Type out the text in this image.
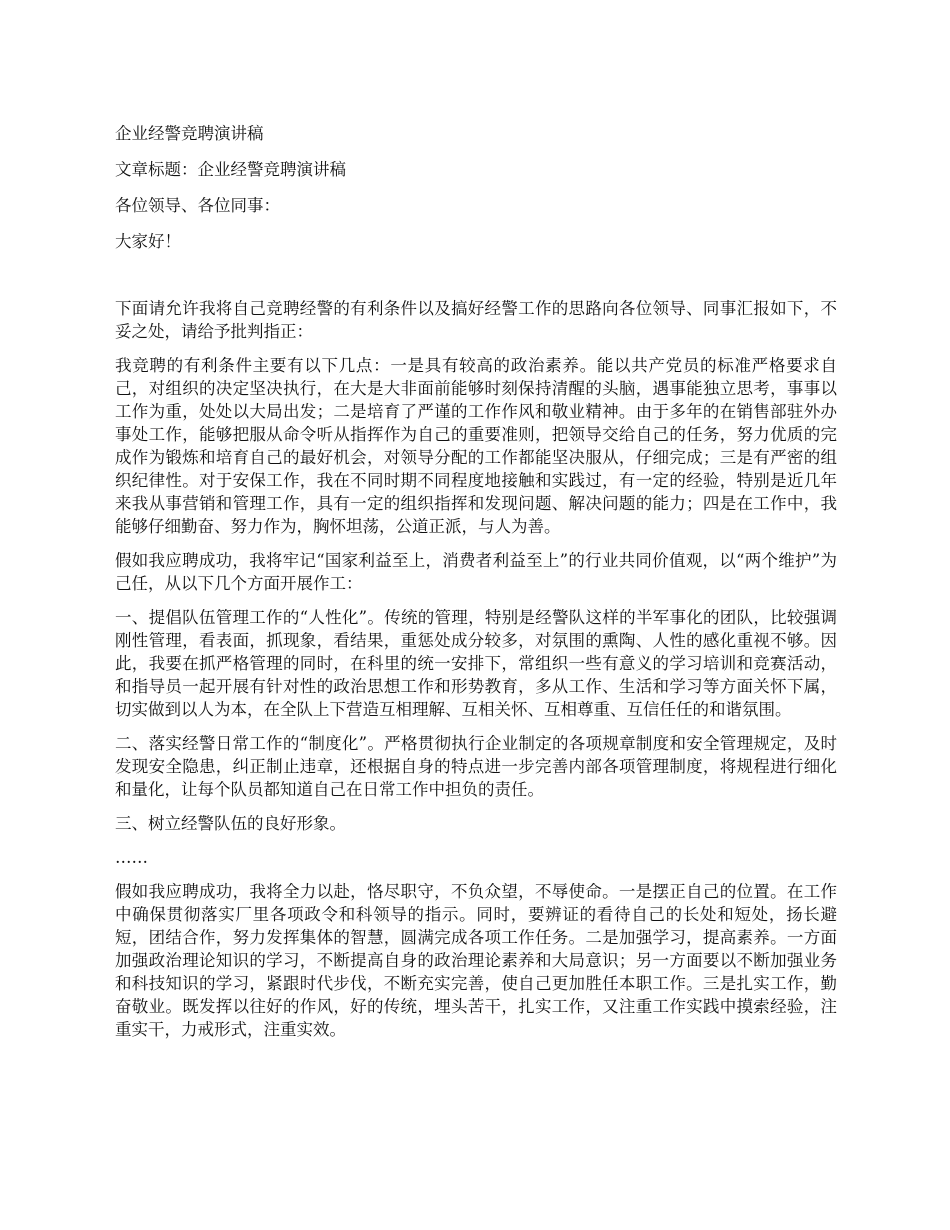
企业经警竞聘演讲稿

文章标题：企业经警竞聘演讲稿

各位领导、各位同事：

大家好！

下面请允许我将自己竞聘经警的有利条件以及搞好经警工作的思路向各位领导、同事汇报如下，不妥之处，请给予批判指正：

我竞聘的有利条件主要有以下几点：一是具有较高的政治素养。能以共产党员的标准严格要求自己，对组织的决定坚决执行，在大是大非面前能够时刻保持清醒的头脑，遇事能独立思考，事事以工作为重，处处以大局出发；二是培育了严谨的工作作风和敬业精神。由于多年的在销售部驻外办事处工作，能够把服从命令听从指挥作为自己的重要准则，把领导交给自己的任务，努力优质的完成作为锻炼和培育自己的最好机会，对领导分配的工作都能坚决服从，仔细完成；三是有严密的组织纪律性。对于安保工作，我在不同时期不同程度地接触和实践过，有一定的经验，特别是近几年来我从事营销和管理工作，具有一定的组织指挥和发现问题、解决问题的能力；四是在工作中，我能够仔细勤奋、努力作为，胸怀坦荡，公道正派，与人为善。

假如我应聘成功，我将牢记“国家利益至上，消费者利益至上”的行业共同价值观，以“两个维护”为己任，从以下几个方面开展作工：

一、提倡队伍管理工作的“人性化”。传统的管理，特别是经警队这样的半军事化的团队，比较强调刚性管理，看表面，抓现象，看结果，重惩处成分较多，对氛围的熏陶、人性的感化重视不够。因此，我要在抓严格管理的同时，在科里的统一安排下，常组织一些有意义的学习培训和竞赛活动，和指导员一起开展有针对性的政治思想工作和形势教育，多从工作、生活和学习等方面关怀下属，切实做到以人为本，在全队上下营造互相理解、互相关怀、互相尊重、互信任任的和谐氛围。

二、落实经警日常工作的“制度化”。严格贯彻执行企业制定的各项规章制度和安全管理规定，及时发现安全隐患，纠正制止违章，还根据自身的特点进一步完善内部各项管理制度，将规程进行细化和量化，让每个队员都知道自己在日常工作中担负的责任。

三、树立经警队伍的良好形象。

……

假如我应聘成功，我将全力以赴，恪尽职守，不负众望，不辱使命。一是摆正自己的位置。在工作中确保贯彻落实厂里各项政令和科领导的指示。同时，要辨证的看待自己的长处和短处，扬长避短，团结合作，努力发挥集体的智慧，圆满完成各项工作任务。二是加强学习，提高素养。一方面加强政治理论知识的学习，不断提高自身的政治理论素养和大局意识；另一方面要以不断加强业务和科技知识的学习，紧跟时代步伐，不断充实完善，使自己更加胜任本职工作。三是扎实工作，勤奋敬业。既发挥以往好的作风，好的传统，埋头苦干，扎实工作，又注重工作实践中摸索经验，注重实干，力戒形式，注重实效。
